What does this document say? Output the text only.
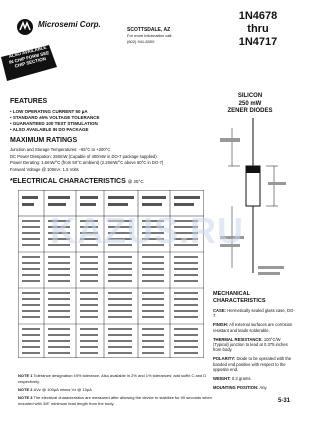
Microsemi Corp.
SCOTTSDALE, AZ
For more information call:
(602) 941-6300
1N4678
thru
1N4717
ALSO AVAILABLE IN CHIP FORM SEE CHIP SECTION
SILICON
250 mW
ZENER DIODES
FEATURES
• LOW OPERATING CURRENT 50 µA
• STANDARD ±5% VOLTAGE TOLERANCE
• GUARANTEED 100 TEST STIMULATION
• ALSO AVAILABLE IN DO PACKAGE
MAXIMUM RATINGS
Junction and Storage Temperatures: −65°C to +200°C
DC Power Dissipation: 250mW (Capable of 400mW in DO-7 package supplied)
Power Derating: 1.6mW/°C (from 50°C ambient) (2.26mW/°C above 50°C in DO-7)
Forward Voltage @ 100mA: 1.5 Volts
*ELECTRICAL CHARACTERISTICS @ 25°C
KAZUS.RU
NOTE 1 Tolerance designation ±5% tolerance. Also available in 2% and 1% tolerances; add suffix C and D respectively.
NOTE 2 ΔVz @ 100µA minus Vz @ 10µA
NOTE 3 The electrical characteristics are measured after allowing the device to stabilize for 90 seconds when mounted with 3/8" minimum lead length from the body.
MECHANICAL
CHARACTERISTICS

CASE: Hermetically sealed glass case, DO-7.

FINISH: All external surfaces are corrosion resistant and leads solderable.

THERMAL RESISTANCE: 100°C/W (Typical) junction to lead at 0.375 inches from body.

POLARITY: Diode to be operated with the banded end positive with respect to the opposite end.

WEIGHT: 0.3 grams.

MOUNTING POSITION: Any.

5-31
